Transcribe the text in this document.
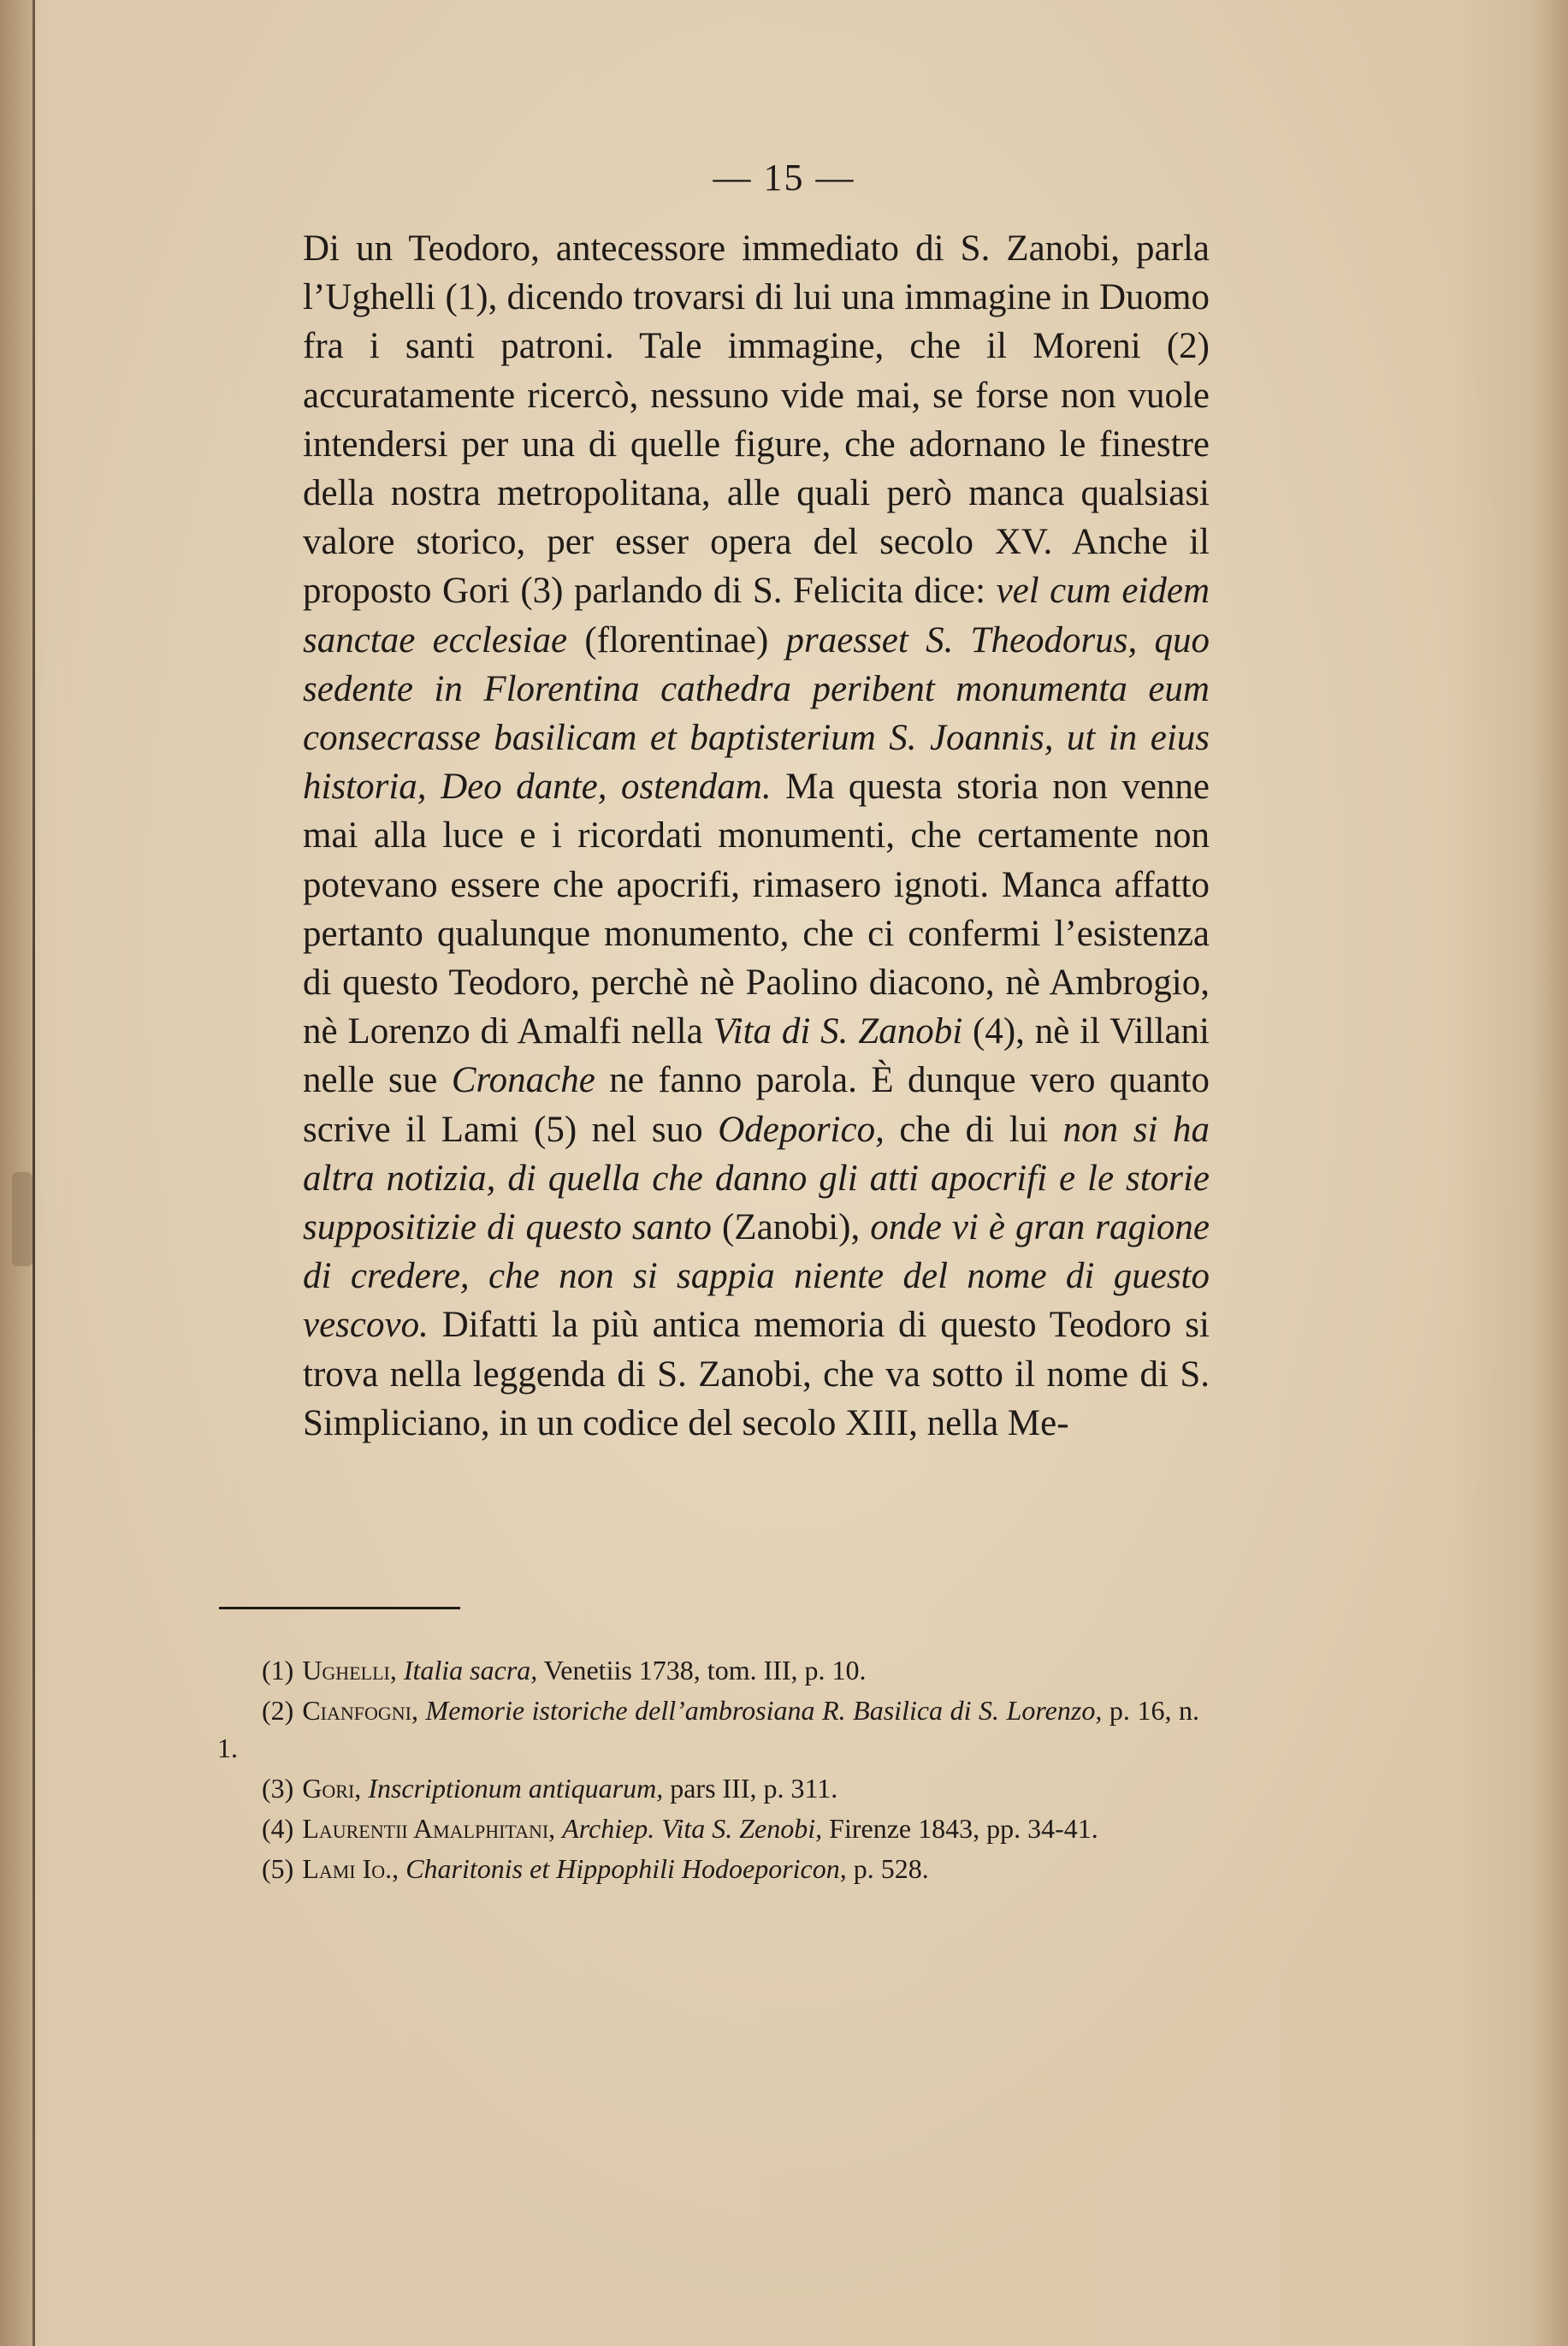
— 15 —

Di un Teodoro, antecessore immediato di S. Zanobi, parla l’Ughelli (1), dicendo trovarsi di lui una immagine in Duomo fra i santi patroni. Tale immagine, che il Moreni (2) accuratamente ricercò, nessuno vide mai, se forse non vuole intendersi per una di quelle figure, che adornano le finestre della nostra metropolitana, alle quali però manca qualsiasi valore storico, per esser opera del secolo XV. Anche il proposto Gori (3) parlando di S. Felicita dice: vel cum eidem sanctae ecclesiae (florentinae) praesset S. Theodorus, quo sedente in Florentina cathedra peribent monumenta eum consecrasse basilicam et baptisterium S. Joannis, ut in eius historia, Deo dante, ostendam. Ma questa storia non venne mai alla luce e i ricordati monumenti, che certamente non potevano essere che apocrifi, rimasero ignoti. Manca affatto pertanto qualunque monumento, che ci confermi l’esistenza di questo Teodoro, perchè nè Paolino diacono, nè Ambrogio, nè Lorenzo di Amalfi nella Vita di S. Zanobi (4), nè il Villani nelle sue Cronache ne fanno parola. È dunque vero quanto scrive il Lami (5) nel suo Odeporico, che di lui non si ha altra notizia, di quella che danno gli atti apocrifi e le storie suppositizie di questo santo (Zanobi), onde vi è gran ragione di credere, che non si sappia niente del nome di guesto vescovo. Difatti la più antica memoria di questo Teodoro si trova nella leggenda di S. Zanobi, che va sotto il nome di S. Simpliciano, in un codice del secolo XIII, nella Me-

(1) Ughelli, Italia sacra, Venetiis 1738, tom. III, p. 10.

(2) Cianfogni, Memorie istoriche dell’ambrosiana R. Basilica di S. Lorenzo, p. 16, n. 1.

(3) Gori, Inscriptionum antiquarum, pars III, p. 311.

(4) Laurentii Amalphitani, Archiep. Vita S. Zenobi, Firenze 1843, pp. 34-41.

(5) Lami Io., Charitonis et Hippophili Hodoeporicon, p. 528.
